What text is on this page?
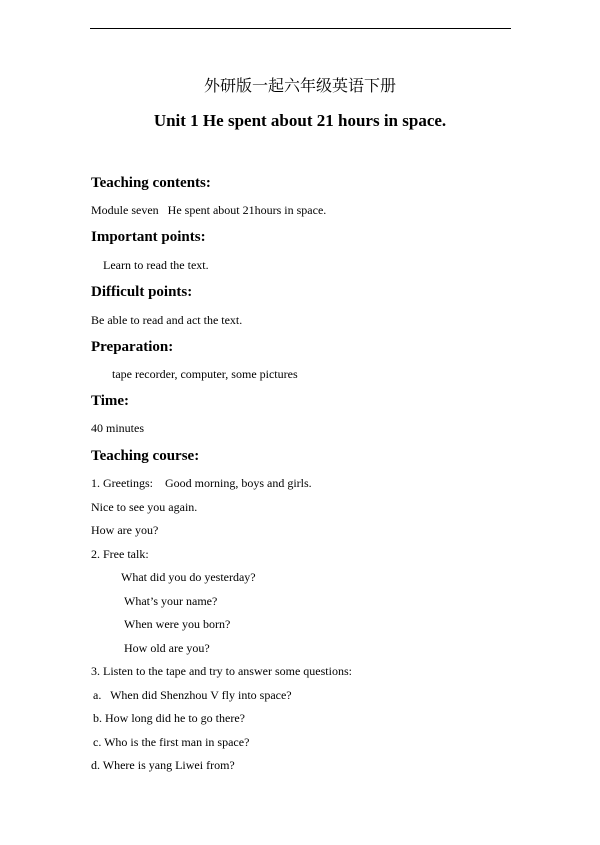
外研版一起六年级英语下册
Unit 1 He spent about 21 hours in space.
Teaching contents:
Module seven   He spent about 21hours in space.
Important points:
Learn to read the text.
Difficult points:
Be able to read and act the text.
Preparation:
tape recorder, computer, some pictures
Time:
40 minutes
Teaching course:
1. Greetings:    Good morning, boys and girls.
Nice to see you again.
How are you?
2. Free talk:
What did you do yesterday?
What’s your name?
When were you born?
How old are you?
3. Listen to the tape and try to answer some questions:
a.   When did Shenzhou V fly into space?
b. How long did he to go there?
c. Who is the first man in space?
d. Where is yang Liwei from?
